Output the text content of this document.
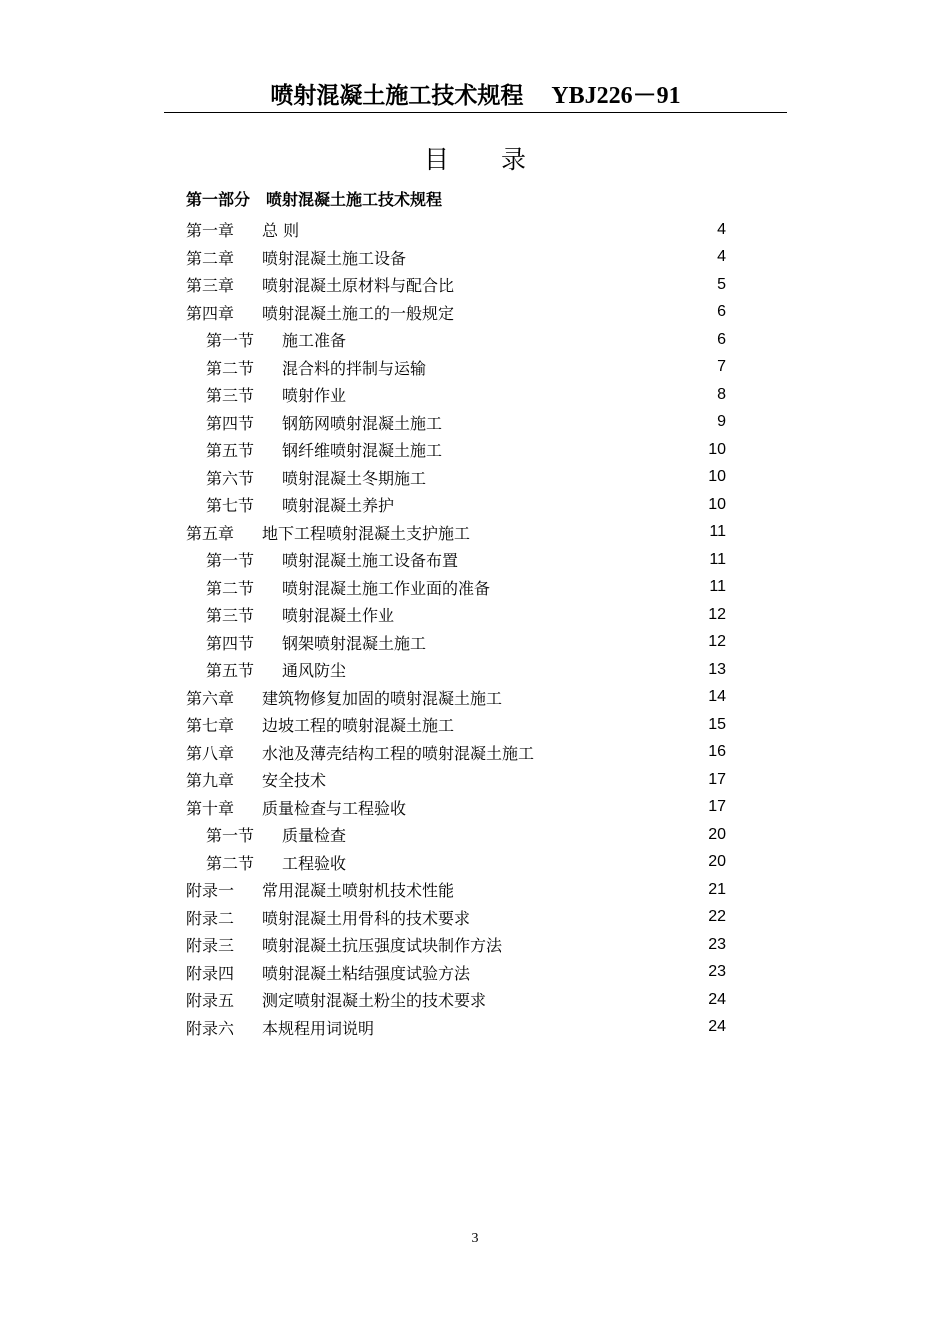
喷射混凝土施工技术规程 YBJ226－91
目 录
第一部分 喷射混凝土施工技术规程
第一章	总 则	4
第二章	喷射混凝土施工设备	4
第三章	喷射混凝土原材料与配合比	5
第四章	喷射混凝土施工的一般规定	6
第一节	施工准备	6
第二节	混合料的拌制与运输	7
第三节	喷射作业	8
第四节	钢筋网喷射混凝土施工	9
第五节	钢纤维喷射混凝土施工	10
第六节	喷射混凝土冬期施工	10
第七节	喷射混凝土养护	10
第五章	地下工程喷射混凝土支护施工	11
第一节	喷射混凝土施工设备布置	11
第二节	喷射混凝土施工作业面的准备	11
第三节	喷射混凝土作业	12
第四节	钢架喷射混凝土施工	12
第五节	通风防尘	13
第六章	建筑物修复加固的喷射混凝土施工	14
第七章	边坡工程的喷射混凝土施工	15
第八章	水池及薄壳结构工程的喷射混凝土施工	16
第九章	安全技术	17
第十章	质量检查与工程验收	17
第一节	质量检查	20
第二节	工程验收	20
附录一	常用混凝土喷射机技术性能	21
附录二	喷射混凝土用骨科的技术要求	22
附录三	喷射混凝土抗压强度试块制作方法	23
附录四	喷射混凝土粘结强度试验方法	23
附录五	测定喷射混凝土粉尘的技术要求	24
附录六	本规程用词说明	24
3
